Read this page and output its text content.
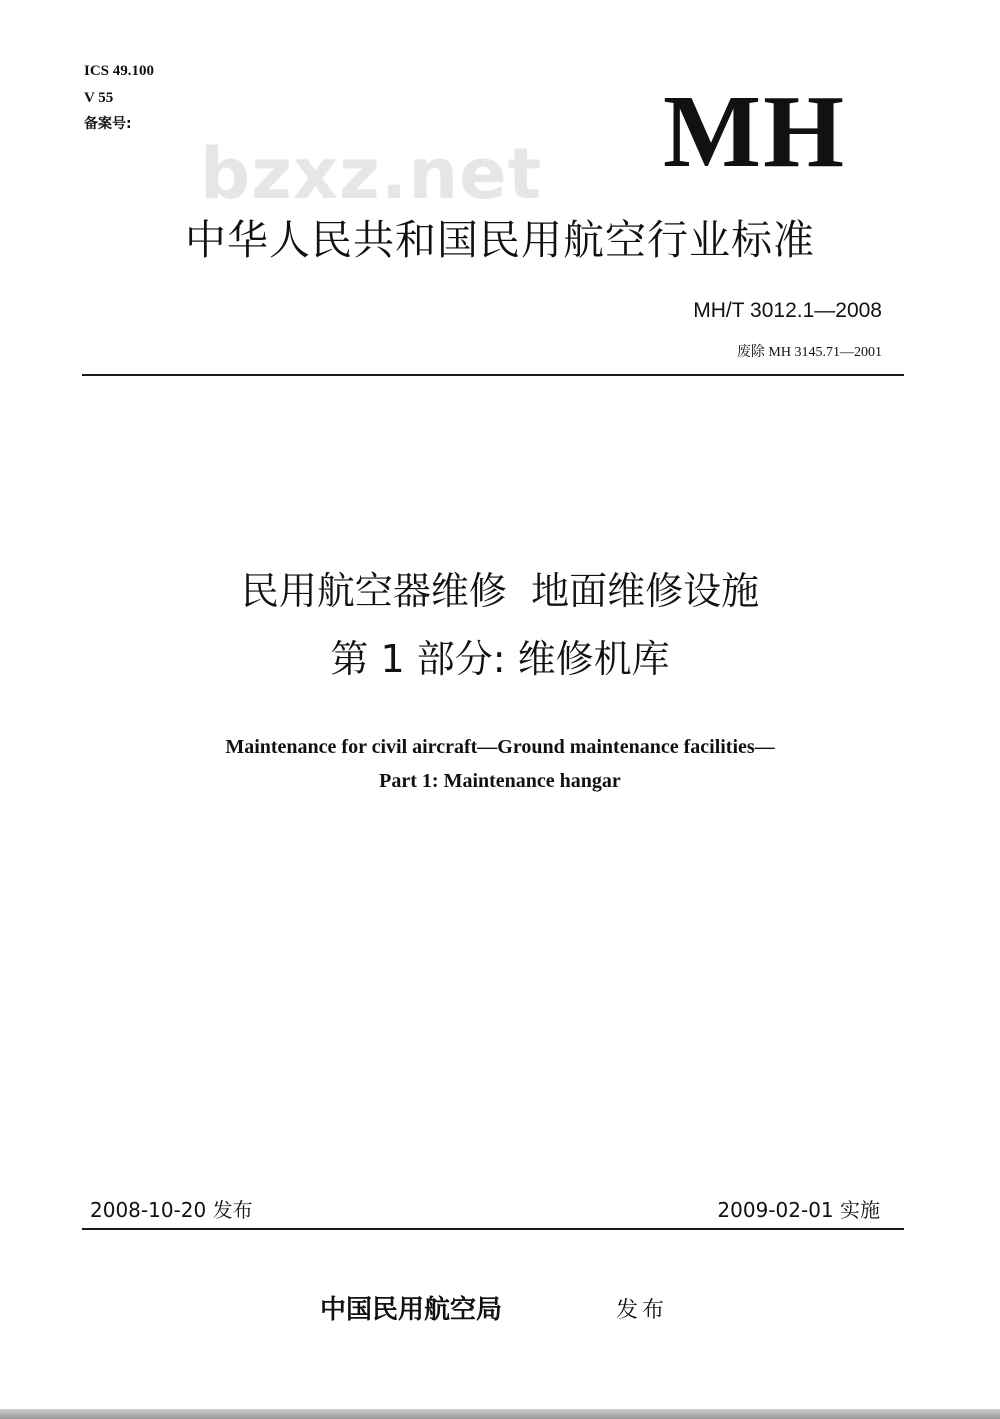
ICS 49.100
V 55
备案号:	MH
bzxz.net
中华人民共和国民用航空行业标准
MH/T 3012.1—2008
废除 MH 3145.71—2001
民用航空器维修  地面维修设施
第 1 部分: 维修机库
Maintenance for civil aircraft—Ground maintenance facilities—
Part 1: Maintenance hangar
2008-10-20 发布	2009-02-01 实施
中国民用航空局	发布
